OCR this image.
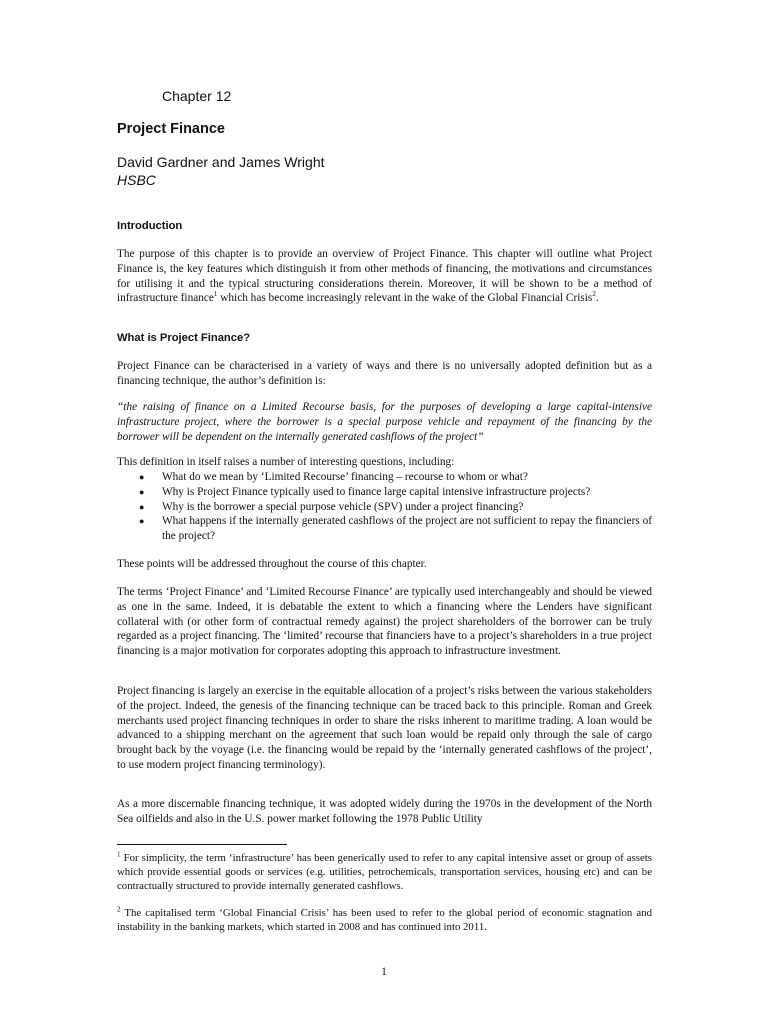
Chapter 12
Project Finance
David Gardner and James Wright
HSBC
Introduction

The purpose of this chapter is to provide an overview of Project Finance. This chapter will outline what Project Finance is, the key features which distinguish it from other methods of financing, the motivations and circumstances for utilising it and the typical structuring considerations therein. Moreover, it will be shown to be a method of infrastructure finance$^1$ which has become increasingly relevant in the wake of the Global Financial Crisis$^2$.

What is Project Finance?

Project Finance can be characterised in a variety of ways and there is no universally adopted definition but as a financing technique, the author’s definition is:

“the raising of finance on a Limited Recourse basis, for the purposes of developing a large capital-intensive infrastructure project, where the borrower is a special purpose vehicle and repayment of the financing by the borrower will be dependent on the internally generated cashflows of the project”

This definition in itself raises a number of interesting questions, including:

●	What do we mean by ‘Limited Recourse’ financing – recourse to whom or what?
●	Why is Project Finance typically used to finance large capital intensive infrastructure projects?
●	Why is the borrower a special purpose vehicle (SPV) under a project financing?
●	What happens if the internally generated cashflows of the project are not sufficient to repay the financiers of the project?

These points will be addressed throughout the course of this chapter.

The terms ‘Project Finance’ and ‘Limited Recourse Finance’ are typically used interchangeably and should be viewed as one in the same. Indeed, it is debatable the extent to which a financing where the Lenders have significant collateral with (or other form of contractual remedy against) the project shareholders of the borrower can be truly regarded as a project financing. The ‘limited’ recourse that financiers have to a project’s shareholders in a true project financing is a major motivation for corporates adopting this approach to infrastructure investment.

Project financing is largely an exercise in the equitable allocation of a project’s risks between the various stakeholders of the project. Indeed, the genesis of the financing technique can be traced back to this principle. Roman and Greek merchants used project financing techniques in order to share the risks inherent to maritime trading. A loan would be advanced to a shipping merchant on the agreement that such loan would be repaid only through the sale of cargo brought back by the voyage (i.e. the financing would be repaid by the ‘internally generated cashflows of the project’, to use modern project financing terminology).

As a more discernable financing technique, it was adopted widely during the 1970s in the development of the North Sea oilfields and also in the U.S. power market following the 1978 Public Utility

$^1$ For simplicity, the term ‘infrastructure’ has been generically used to refer to any capital intensive asset or group of assets which provide essential goods or services (e.g. utilities, petrochemicals, transportation services, housing etc) and can be contractually structured to provide internally generated cashflows.

$^2$ The capitalised term ‘Global Financial Crisis’ has been used to refer to the global period of economic stagnation and instability in the banking markets, which started in 2008 and has continued into 2011.

1
